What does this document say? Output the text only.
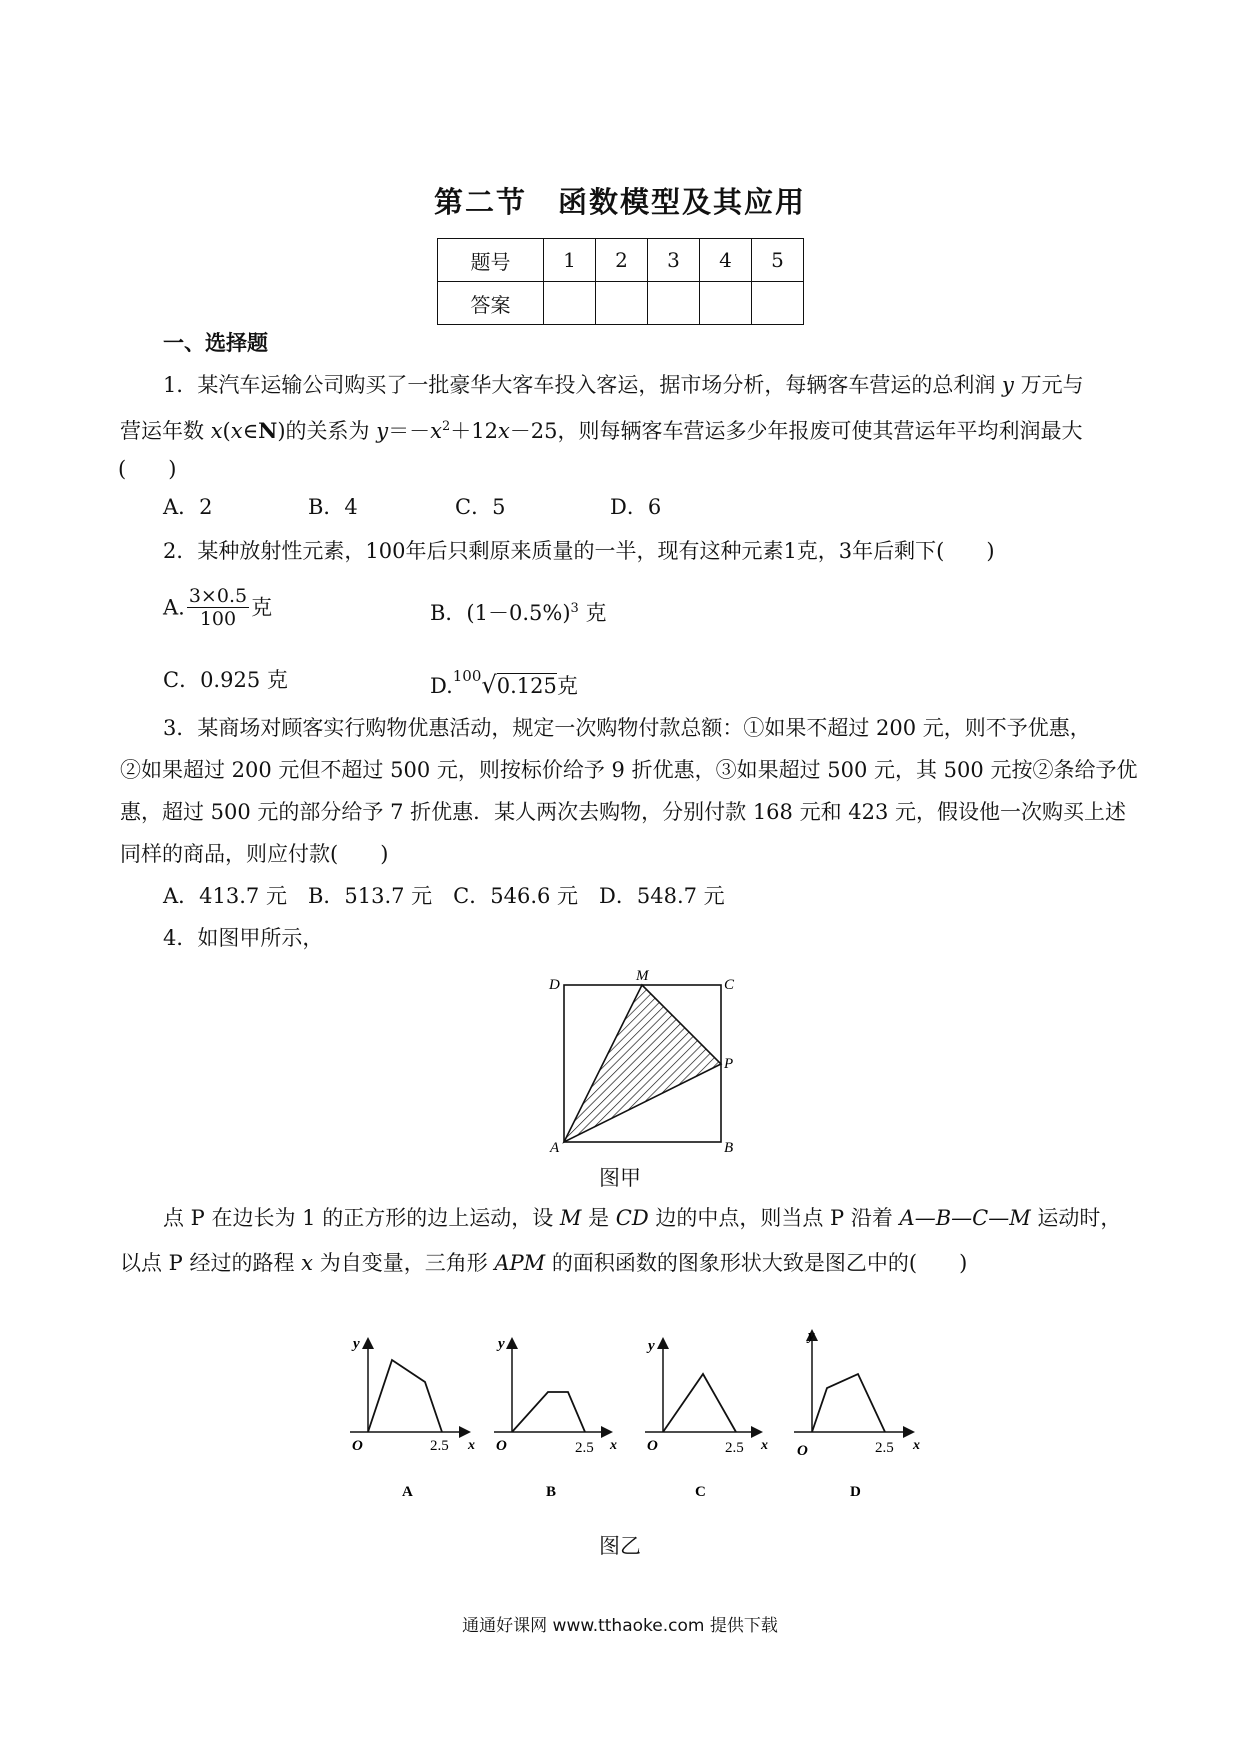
第二节　函数模型及其应用
题号	1	2	3	4	5
答案					
一、选择题
1．某汽车运输公司购买了一批豪华大客车投入客运，据市场分析，每辆客车营运的总利润 y 万元与
营运年数 x(x∈N)的关系为 $y=-x^2+12x-25$，则每辆客车营运多少年报废可使其营运年平均利润最大
(　　)
A．2	B．4	C．5	D．6
2．某种放射性元素，100年后只剩原来质量的一半，现有这种元素1克，3年后剩下(　　)
A. $\frac{3\times 0.5}{100}$ 克	B．$(1-0.5\%)^3$ 克
C．0.925 克	D.$^{100}$√0.125克
3．某商场对顾客实行购物优惠活动，规定一次购物付款总额：①如果不超过 200 元，则不予优惠，
②如果超过 200 元但不超过 500 元，则按标价给予 9 折优惠，③如果超过 500 元，其 500 元按②条给予优
惠，超过 500 元的部分给予 7 折优惠．某人两次去购物，分别付款 168 元和 423 元，假设他一次购买上述
同样的商品，则应付款(　　)
A．413.7 元　B．513.7 元　C．546.6 元　D．548.7 元
4．如图甲所示，
D
M
C
P
A	B
图甲
点 P 在边长为 1 的正方形的边上运动，设 M 是 CD 边的中点，则当点 P 沿着 A—B—C—M 运动时，
以点 P 经过的路程 x 为自变量，三角形 APM 的面积函数的图象形状大致是图乙中的(　　)
y
x
O	2.5
A
y
x
O	2.5
B
y
x
O	2.5
C
y
x
O	2.5
D
图乙
通通好课网 www.tthaoke.com 提供下载
